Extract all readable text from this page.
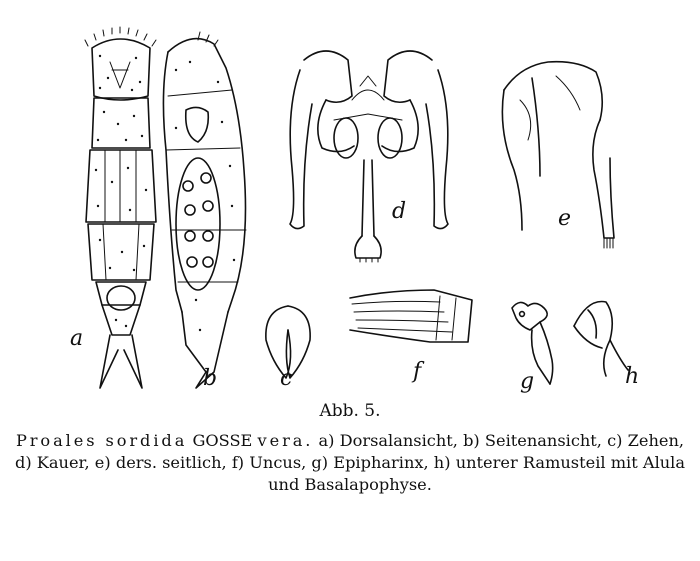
a
b	c
d	e
f	g	h
Abb. 5.
Proales sordida GOSSE vera. a) Dorsalansicht, b) Seitenansicht, c) Zehen, d) Kauer, e) ders. seitlich, f) Uncus, g) Epipharinx, h) unterer Ramusteil mit Alula und Basalapophyse.
